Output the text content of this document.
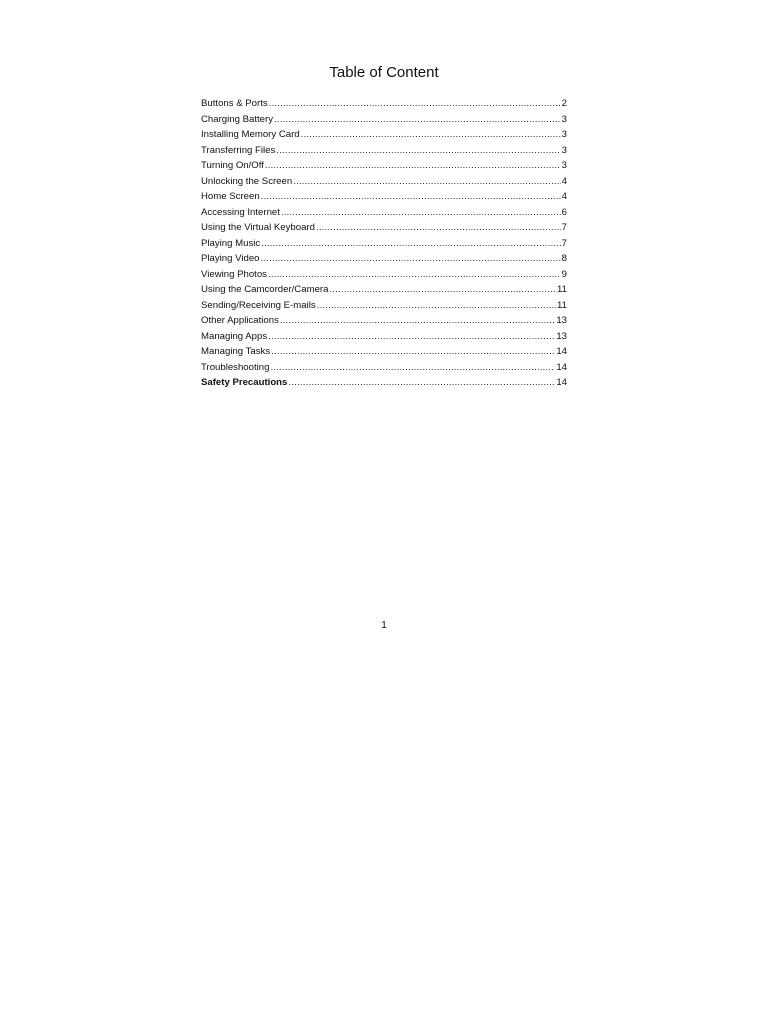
Table of Content
Buttons & Ports .....	2
Charging Battery .....	3
Installing Memory Card .....	3
Transferring Files .....	3
Turning On/Off .....	3
Unlocking the Screen .....	4
Home Screen .....	4
Accessing Internet .....	6
Using the Virtual Keyboard .....	7
Playing Music .....	7
Playing Video .....	8
Viewing Photos .....	9
Using the Camcorder/Camera .....	11
Sending/Receiving E-mails .....	11
Other Applications .....	13
Managing Apps .....	13
Managing Tasks .....	14
Troubleshooting .....	14
Safety Precautions .....	14
1
